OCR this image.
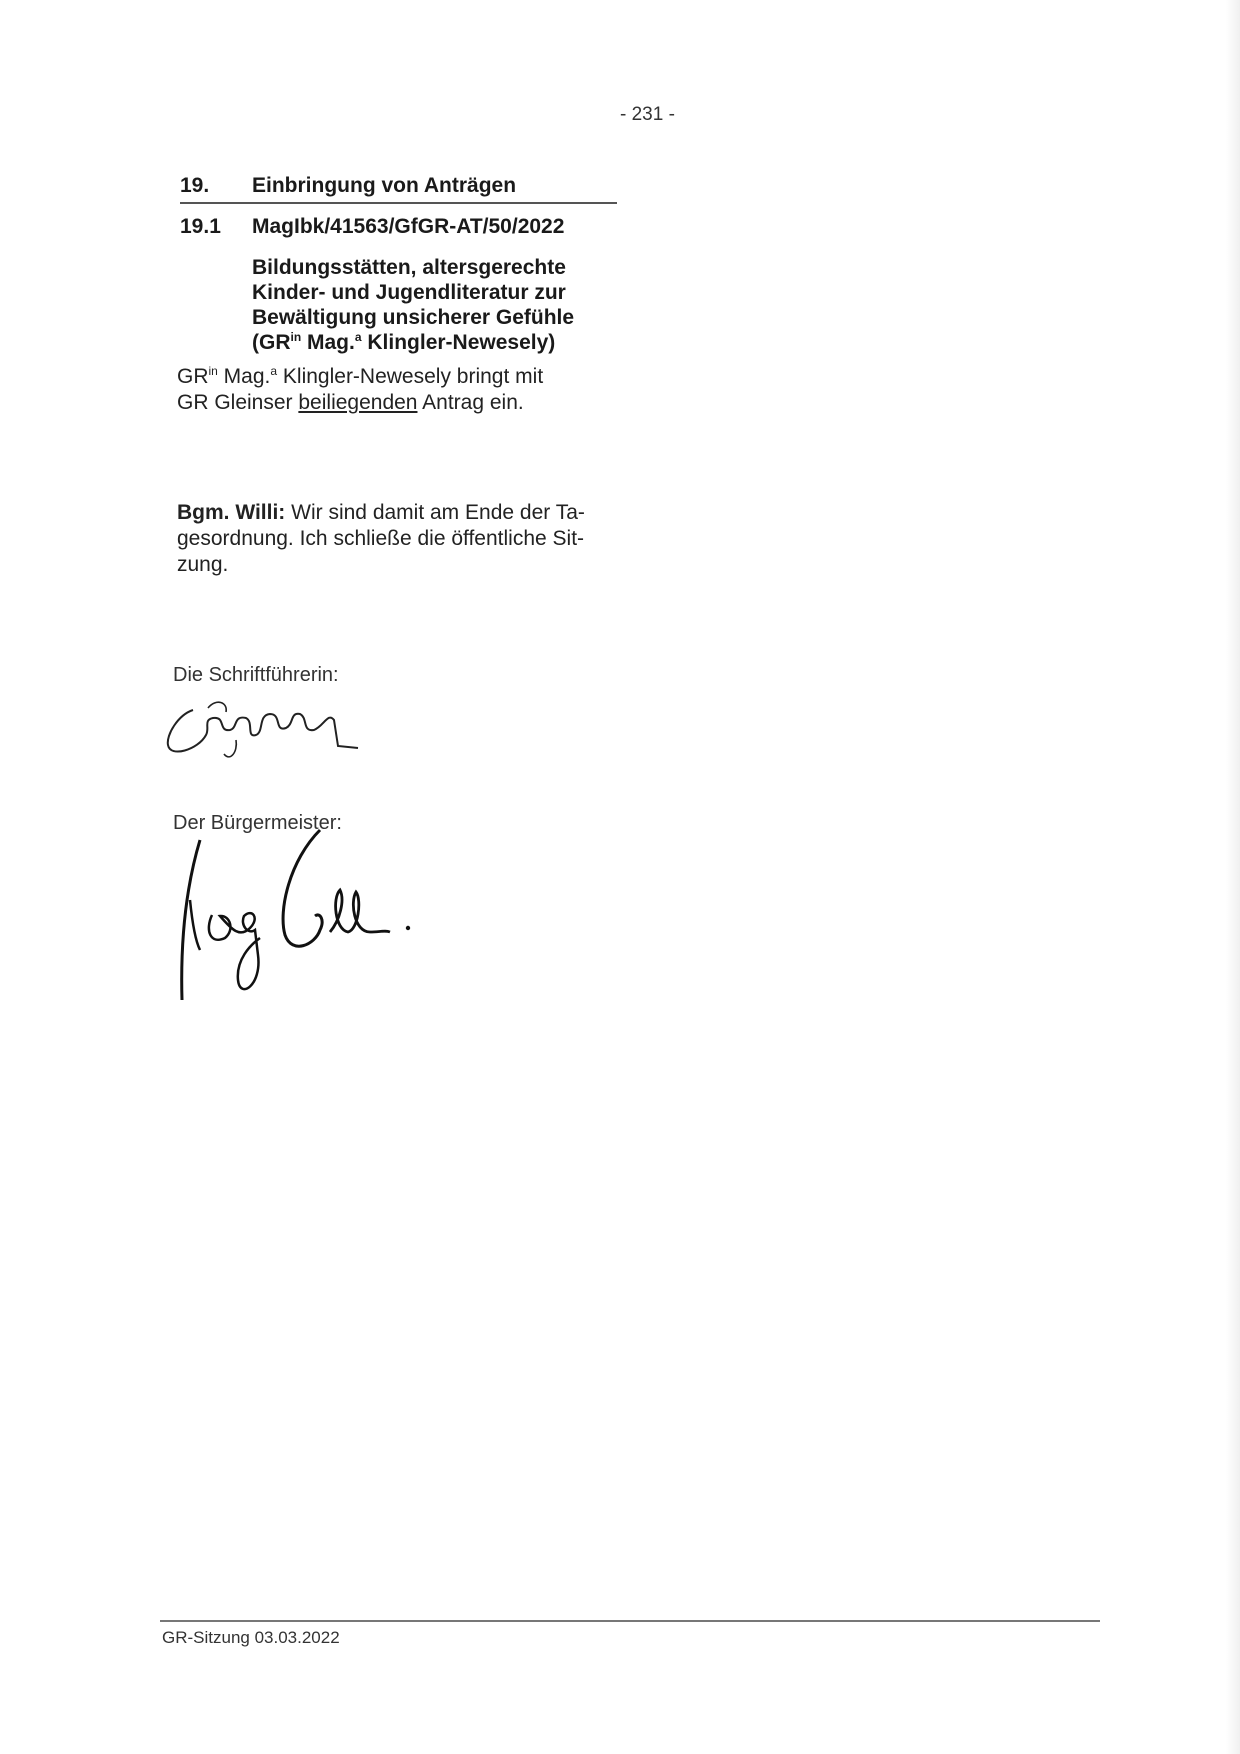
- 231 -
19. Einbringung von Anträgen
19.1 MagIbk/41563/GfGR-AT/50/2022
Bildungsstätten, altersgerechte
Kinder- und Jugendliteratur zur
Bewältigung unsicherer Gefühle
($GR^{in}$ Mag.$^a$ Klingler-Newesely)
$GR^{in}$ Mag.$^a$ Klingler-Newesely bringt mit
GR Gleinser beiliegenden Antrag ein.
Bgm. Willi: Wir sind damit am Ende der Ta-
gesordnung. Ich schließe die öffentliche Sit-
zung.
Die Schriftführerin:
Der Bürgermeister:
GR-Sitzung 03.03.2022
